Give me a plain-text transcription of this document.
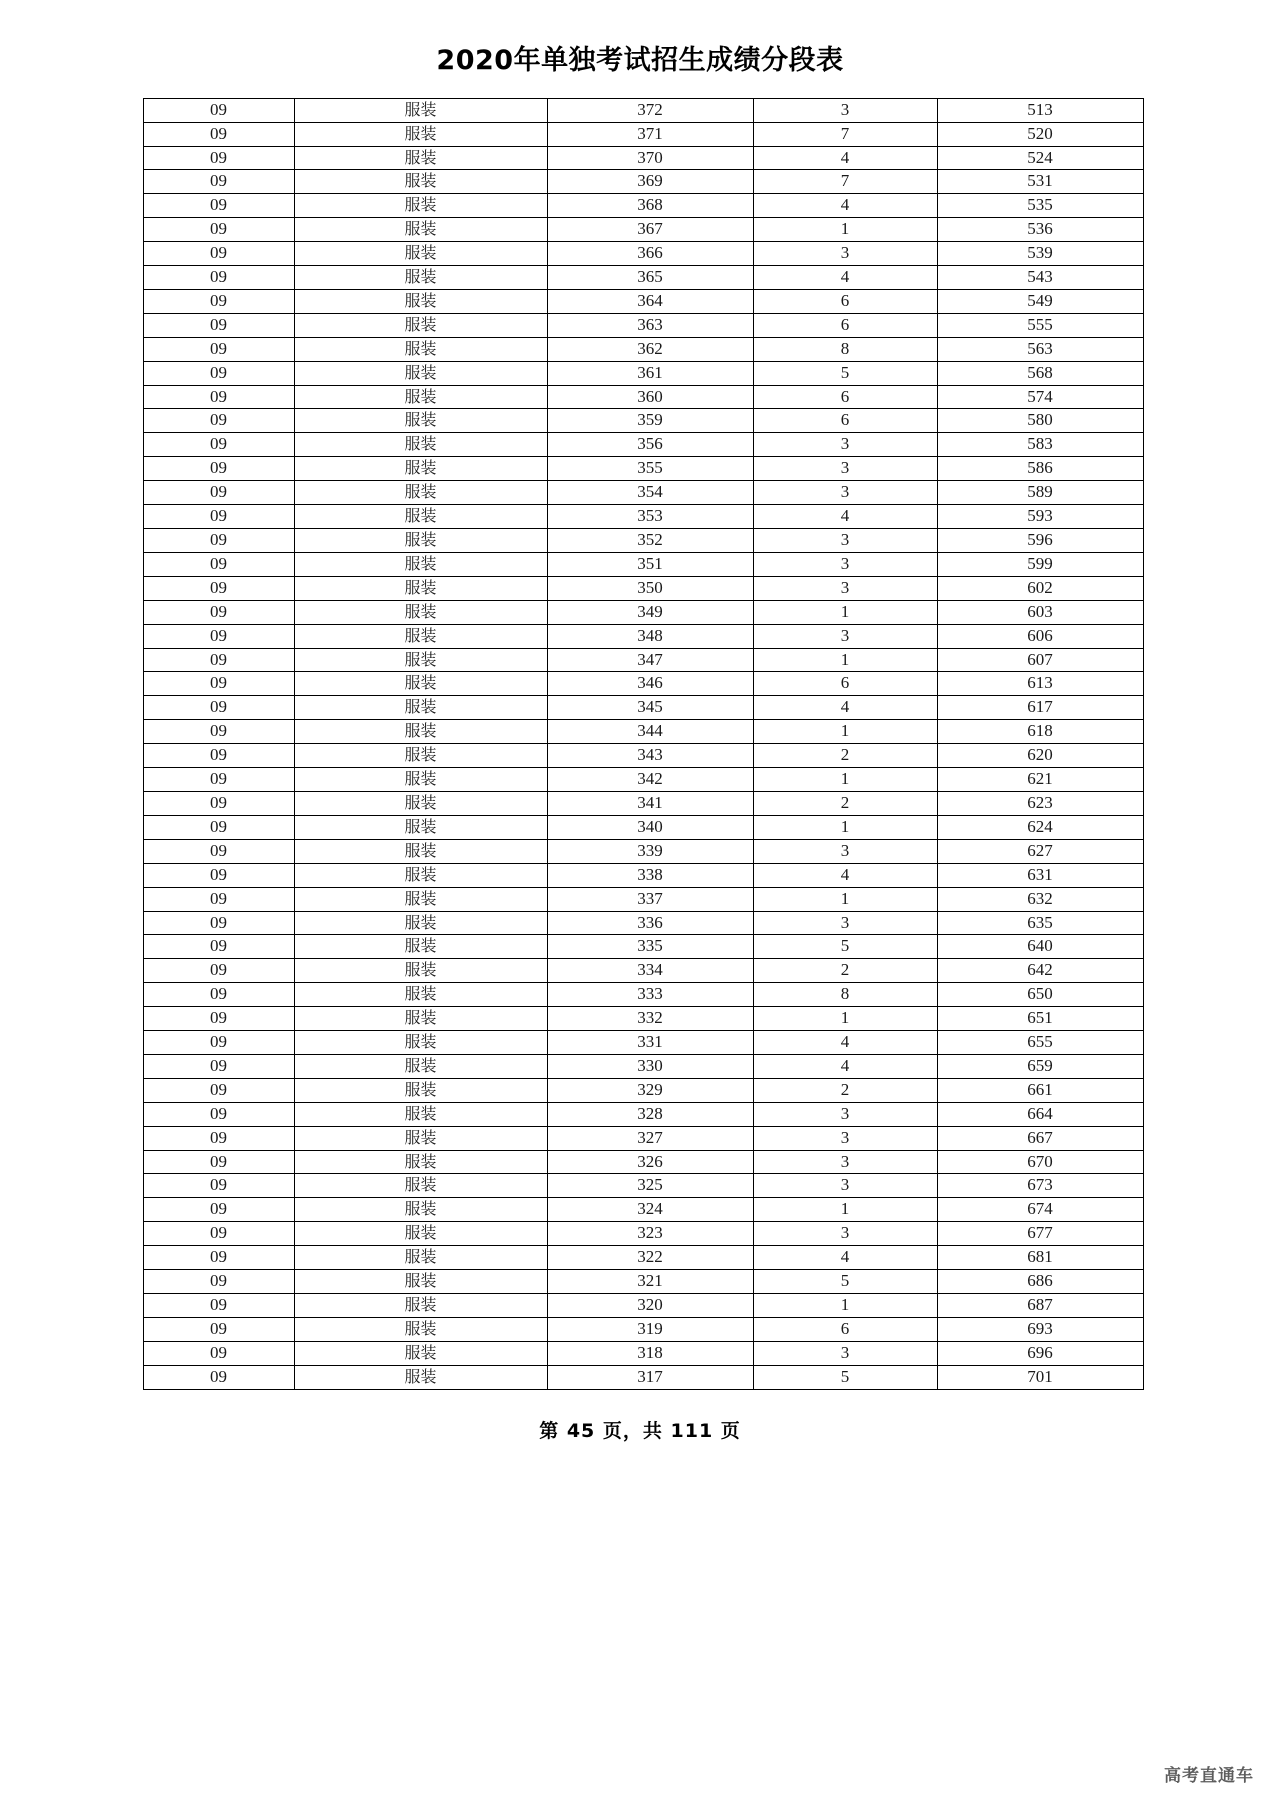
2020年单独考试招生成绩分段表
09	服装	372	3	513
09	服装	371	7	520
09	服装	370	4	524
09	服装	369	7	531
09	服装	368	4	535
09	服装	367	1	536
09	服装	366	3	539
09	服装	365	4	543
09	服装	364	6	549
09	服装	363	6	555
09	服装	362	8	563
09	服装	361	5	568
09	服装	360	6	574
09	服装	359	6	580
09	服装	356	3	583
09	服装	355	3	586
09	服装	354	3	589
09	服装	353	4	593
09	服装	352	3	596
09	服装	351	3	599
09	服装	350	3	602
09	服装	349	1	603
09	服装	348	3	606
09	服装	347	1	607
09	服装	346	6	613
09	服装	345	4	617
09	服装	344	1	618
09	服装	343	2	620
09	服装	342	1	621
09	服装	341	2	623
09	服装	340	1	624
09	服装	339	3	627
09	服装	338	4	631
09	服装	337	1	632
09	服装	336	3	635
09	服装	335	5	640
09	服装	334	2	642
09	服装	333	8	650
09	服装	332	1	651
09	服装	331	4	655
09	服装	330	4	659
09	服装	329	2	661
09	服装	328	3	664
09	服装	327	3	667
09	服装	326	3	670
09	服装	325	3	673
09	服装	324	1	674
09	服装	323	3	677
09	服装	322	4	681
09	服装	321	5	686
09	服装	320	1	687
09	服装	319	6	693
09	服装	318	3	696
09	服装	317	5	701
第 45 页，共 111 页
高考直通车
